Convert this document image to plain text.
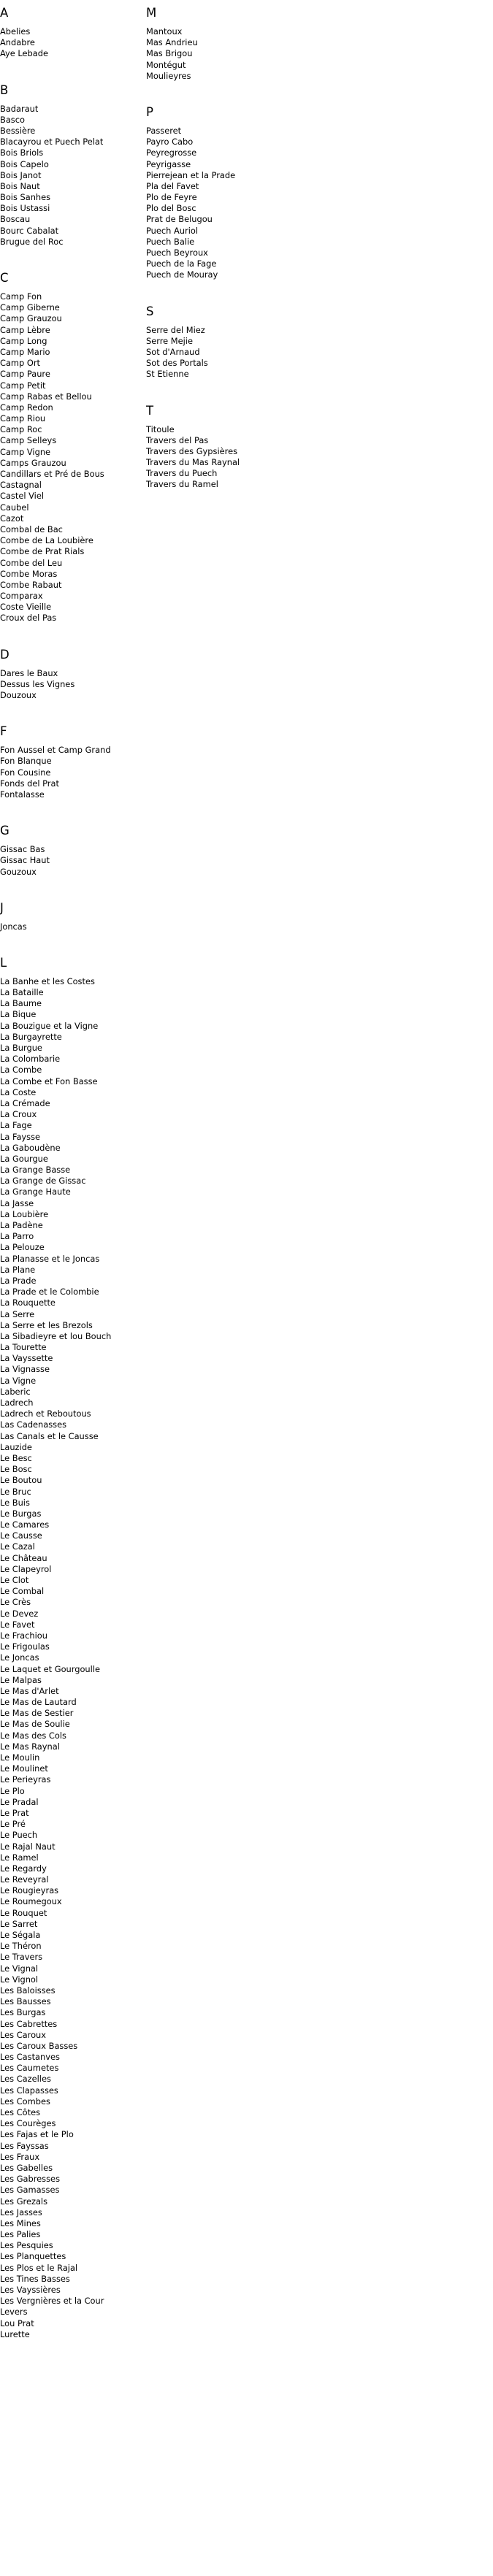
A
Abelies
Andabre
Aye Lebade
B
Badaraut
Basco
Bessière
Blacayrou et Puech Pelat
Bois Briols
Bois Capelo
Bois Janot
Bois Naut
Bois Sanhes
Bois Ustassi
Boscau
Bourc Cabalat
Brugue del Roc
C
Camp Fon
Camp Giberne
Camp Grauzou
Camp Lèbre
Camp Long
Camp Mario
Camp Ort
Camp Paure
Camp Petit
Camp Rabas et Bellou
Camp Redon
Camp Riou
Camp Roc
Camp Selleys
Camp Vigne
Camps Grauzou
Candillars et Pré de Bous
Castagnal
Castel Viel
Caubel
Cazot
Combal de Bac
Combe de La Loubière
Combe de Prat Rials
Combe del Leu
Combe Moras
Combe Rabaut
Comparax
Coste Vieille
Croux del Pas
D
Dares le Baux
Dessus les Vignes
Douzoux
F
Fon Aussel et Camp Grand
Fon Blanque
Fon Cousine
Fonds del Prat
Fontalasse
G
Gissac Bas
Gissac Haut
Gouzoux
J
Joncas
L
La Banhe et les Costes
La Bataille
La Baume
La Bique
La Bouzigue et la Vigne
La Burgayrette
La Burgue
La Colombarie
La Combe
La Combe et Fon Basse
La Coste
La Crémade
La Croux
La Fage
La Faysse
La Gaboudène
La Gourgue
La Grange Basse
La Grange de Gissac
La Grange Haute
La Jasse
La Loubière
La Padène
La Parro
La Pelouze
La Planasse et le Joncas
La Plane
La Prade
La Prade et le Colombie
La Rouquette
La Serre
La Serre et les Brezols
La Sibadieyre et lou Bouch
La Tourette
La Vayssette
La Vignasse
La Vigne
Laberic
Ladrech
Ladrech et Reboutous
Las Cadenasses
Las Canals et le Causse
Lauzide
Le Besc
Le Bosc
Le Boutou
Le Bruc
Le Buis
Le Burgas
Le Camares
Le Causse
Le Cazal
Le Château
Le Clapeyrol
Le Clot
Le Combal
Le Crès
Le Devez
Le Favet
Le Frachiou
Le Frigoulas
Le Joncas
Le Laquet et Gourgoulle
Le Malpas
Le Mas d'Arlet
Le Mas de Lautard
Le Mas de Sestier
Le Mas de Soulie
Le Mas des Cols
Le Mas Raynal
Le Moulin
Le Moulinet
Le Perieyras
Le Plo
Le Pradal
Le Prat
Le Pré
Le Puech
Le Rajal Naut
Le Ramel
Le Regardy
Le Reveyral
Le Rougieyras
Le Roumegoux
Le Rouquet
Le Sarret
Le Ségala
Le Théron
Le Travers
Le Vignal
Le Vignol
Les Baloisses
Les Bausses
Les Burgas
Les Cabrettes
Les Caroux
Les Caroux Basses
Les Castanves
Les Caumetes
Les Cazelles
Les Clapasses
Les Combes
Les Côtes
Les Courèges
Les Fajas et le Plo
Les Fayssas
Les Fraux
Les Gabelles
Les Gabresses
Les Gamasses
Les Grezals
Les Jasses
Les Mines
Les Palies
Les Pesquies
Les Planquettes
Les Plos et le Rajal
Les Tines Basses
Les Vayssières
Les Vergnières et la Cour
Levers
Lou Prat
Lurette
M
Mantoux
Mas Andrieu
Mas Brigou
Montégut
Moulieyres
P
Passeret
Payro Cabo
Peyregrosse
Peyrigasse
Pierrejean et la Prade
Pla del Favet
Plo de Feyre
Plo del Bosc
Prat de Belugou
Puech Auriol
Puech Balie
Puech Beyroux
Puech de la Fage
Puech de Mouray
S
Serre del Miez
Serre Mejie
Sot d'Arnaud
Sot des Portals
St Etienne
T
Titoule
Travers del Pas
Travers des Gypsières
Travers du Mas Raynal
Travers du Puech
Travers du Ramel
